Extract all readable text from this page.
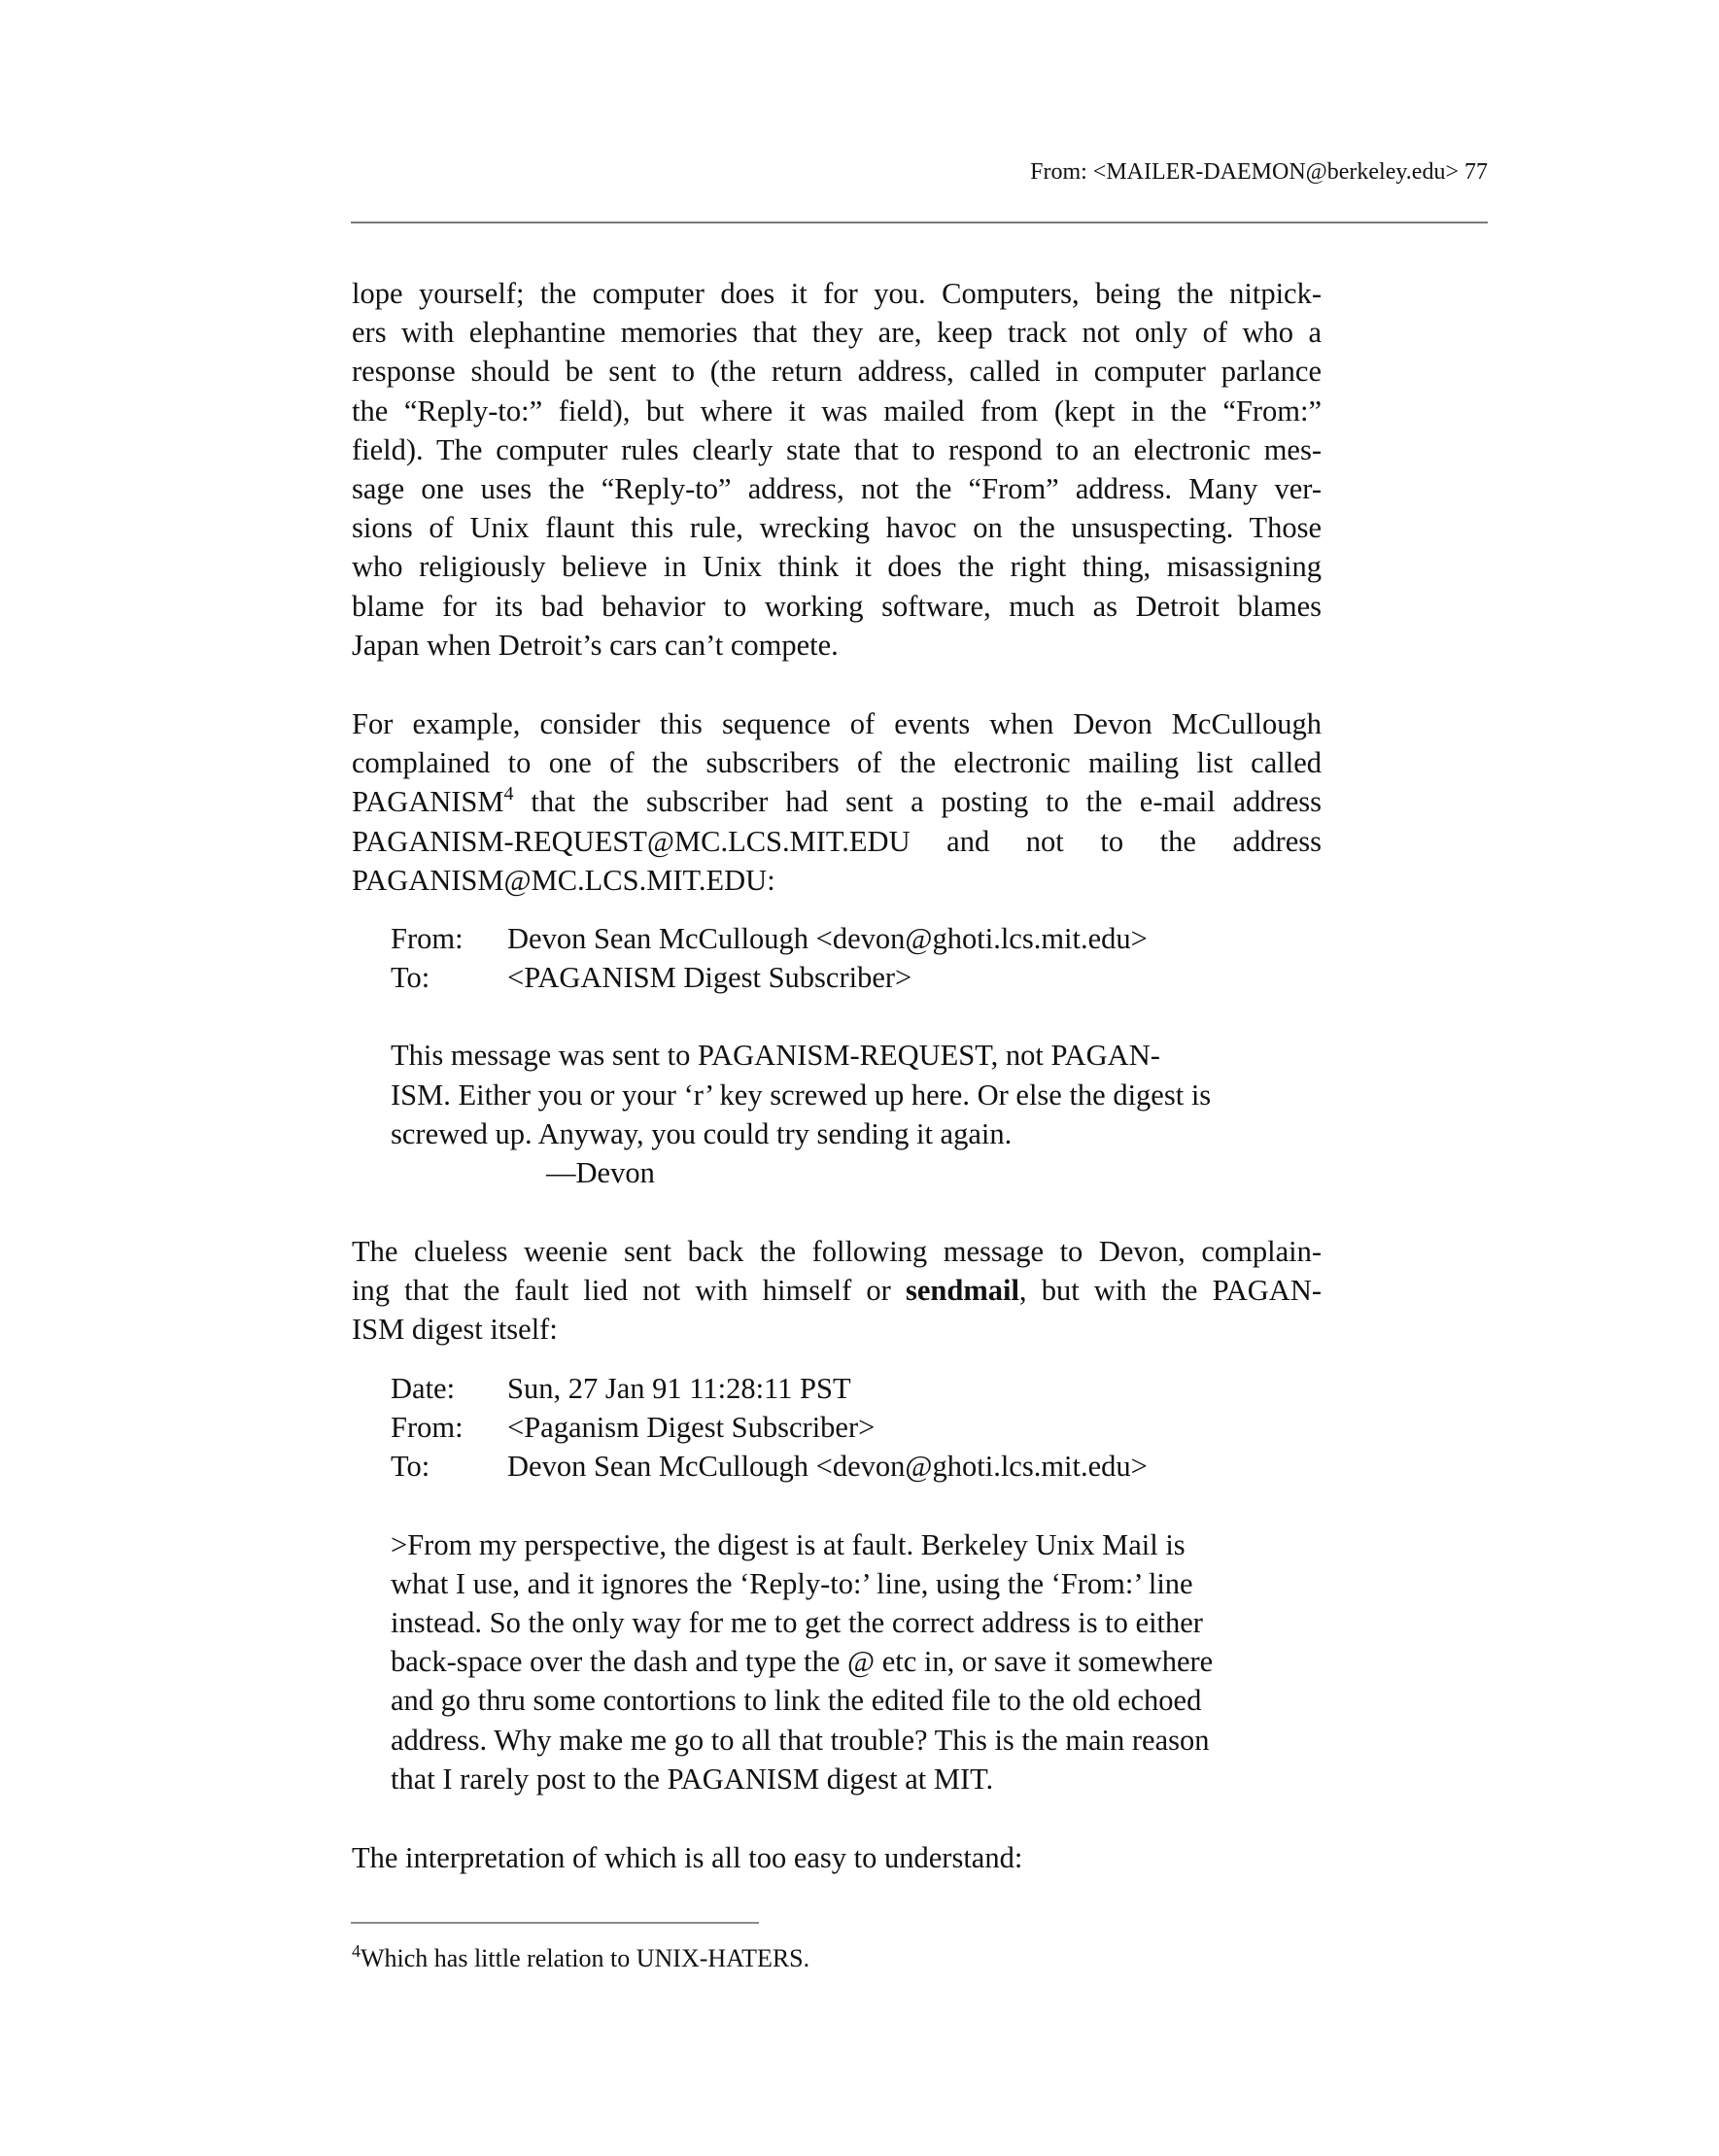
From: <MAILER-DAEMON@berkeley.edu> 77
lope yourself; the computer does it for you. Computers, being the nitpick-
ers with elephantine memories that they are, keep track not only of who a
response should be sent to (the return address, called in computer parlance
the “Reply-to:” field), but where it was mailed from (kept in the “From:”
field). The computer rules clearly state that to respond to an electronic mes-
sage one uses the “Reply-to” address, not the “From” address. Many ver-
sions of Unix flaunt this rule, wrecking havoc on the unsuspecting. Those
who religiously believe in Unix think it does the right thing, misassigning
blame for its bad behavior to working software, much as Detroit blames
Japan when Detroit’s cars can’t compete.
For example, consider this sequence of events when Devon McCullough
complained to one of the subscribers of the electronic mailing list called
PAGANISM$^4$ that the subscriber had sent a posting to the e-mail address
PAGANISM-REQUEST@MC.LCS.MIT.EDU and not to the address
PAGANISM@MC.LCS.MIT.EDU:
From:	Devon Sean McCullough <devon@ghoti.lcs.mit.edu>
To:	<PAGANISM Digest Subscriber>
This message was sent to PAGANISM-REQUEST, not PAGAN-
ISM. Either you or your ‘r’ key screwed up here. Or else the digest is
screwed up. Anyway, you could try sending it again.
—Devon
The clueless weenie sent back the following message to Devon, complain-
ing that the fault lied not with himself or sendmail, but with the PAGAN-
ISM digest itself:
Date:	Sun, 27 Jan 91 11:28:11 PST
From:	<Paganism Digest Subscriber>
To:	Devon Sean McCullough <devon@ghoti.lcs.mit.edu>
>From my perspective, the digest is at fault. Berkeley Unix Mail is
what I use, and it ignores the ‘Reply-to:’ line, using the ‘From:’ line
instead. So the only way for me to get the correct address is to either
back-space over the dash and type the @ etc in, or save it somewhere
and go thru some contortions to link the edited file to the old echoed
address. Why make me go to all that trouble? This is the main reason
that I rarely post to the PAGANISM digest at MIT.
The interpretation of which is all too easy to understand:
$^4$Which has little relation to UNIX-HATERS.
